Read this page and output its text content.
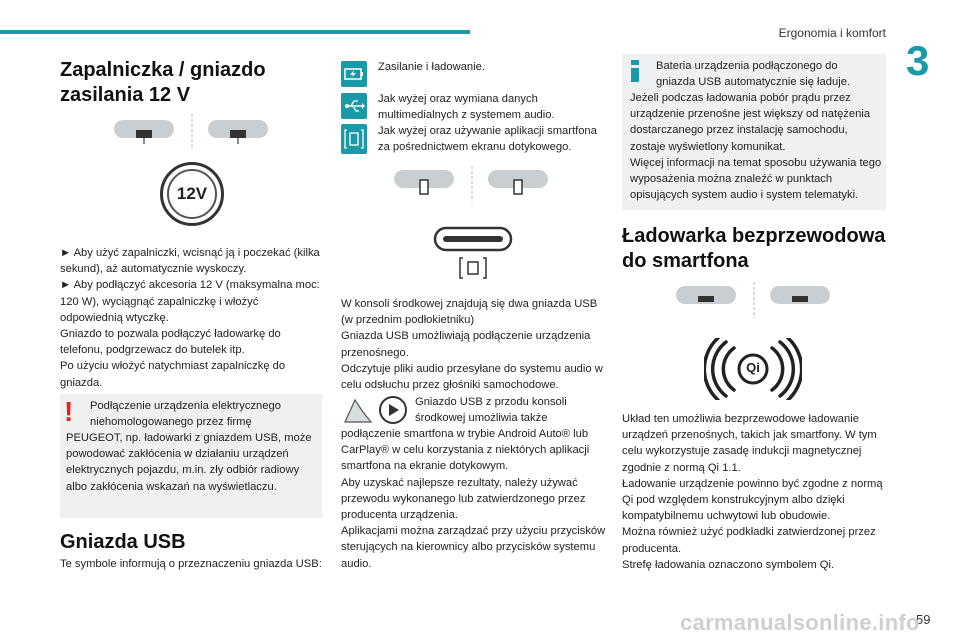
Ergonomia i komfort
3
Zapalniczka / gniazdo
zasilania 12 V
12V
► Aby użyć zapalniczki, wcisnąć ją i poczekać (kilka sekund), aż automatycznie wyskoczy.
► Aby podłączyć akcesoria 12 V (maksymalna moc: 120 W), wyciągnąć zapalniczkę i włożyć odpowiednią wtyczkę.
Gniazdo to pozwala podłączyć ładowarkę do telefonu, podgrzewacz do butelek itp.
Po użyciu włożyć natychmiast zapalniczkę do gniazda.
! Podłączenie urządzenia elektrycznego
niehomologowanego przez firmę
PEUGEOT, np. ładowarki z gniazdem USB, może powodować zakłócenia w działaniu urządzeń elektrycznych pojazdu, m.in. zły odbiór radiowy albo zakłócenia wskazań na wyświetlaczu.
Gniazda USB
Te symbole informują o przeznaczeniu gniazda USB:
Zasilanie i ładowanie.
Jak wyżej oraz wymiana danych multimedialnych z systemem audio.
Jak wyżej oraz używanie aplikacji smartfona za pośrednictwem ekranu dotykowego.
W konsoli środkowej znajdują się dwa gniazda USB (w przednim podłokietniku)
Gniazda USB umożliwiają podłączenie urządzenia przenośnego.
Odczytuje pliki audio przesyłane do systemu audio w celu odsłuchu przez głośniki samochodowe.
Gniazdo USB z przodu konsoli
środkowej umożliwia także
podłączenie smartfona w trybie Android Auto® lub CarPlay® w celu korzystania z niektórych aplikacji smartfona na ekranie dotykowym.
Aby uzyskać najlepsze rezultaty, należy używać przewodu wykonanego lub zatwierdzonego przez producenta urządzenia.
Aplikacjami można zarządzać przy użyciu przycisków sterujących na kierownicy albo przycisków systemu audio.
Bateria urządzenia podłączonego do
gniazda USB automatycznie się ładuje.
Jeżeli podczas ładowania pobór prądu przez urządzenie przenośne jest większy od natężenia dostarczanego przez instalację samochodu, zostaje wyświetlony komunikat.
Więcej informacji na temat sposobu używania tego wyposażenia można znaleźć w punktach opisujących system audio i system telematyki.
Ładowarka bezprzewodowa
do smartfona
Qi
Układ ten umożliwia bezprzewodowe ładowanie urządzeń przenośnych, takich jak smartfony. W tym celu wykorzystuje zasadę indukcji magnetycznej zgodnie z normą Qi 1.1.
Ładowanie urządzenie powinno być zgodne z normą Qi pod względem konstrukcyjnym albo dzięki kompatybilnemu uchwytowi lub obudowie.
Można również użyć podkładki zatwierdzonej przez producenta.
Strefę ładowania oznaczono symbolem Qi.
59
carmanualsonline.info
